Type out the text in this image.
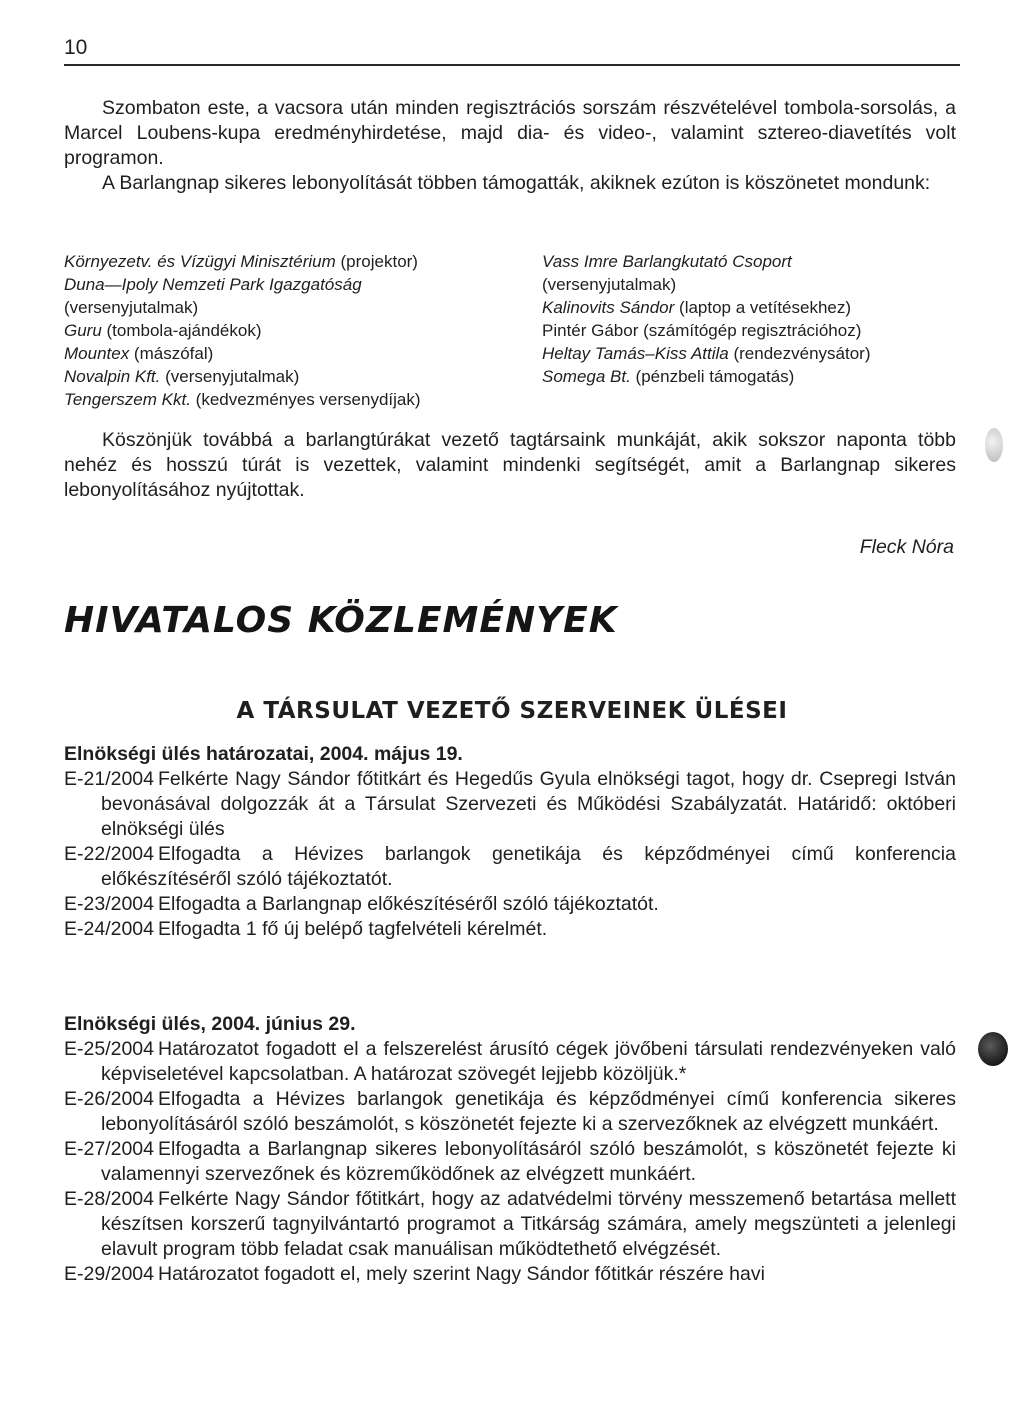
10

Szombaton este, a vacsora után minden regisztrációs sorszám részvételével tombola-sorsolás, a Marcel Loubens-kupa eredményhirdetése, majd dia- és video-, valamint sztereo-diavetítés volt programon.

A Barlangnap sikeres lebonyolítását többen támogatták, akiknek ezúton is köszönetet mondunk:

Környezetv. és Vízügyi Minisztérium (projektor)
Duna—Ipoly Nemzeti Park Igazgatóság
(versenyjutalmak)
Guru (tombola-ajándékok)
Mountex (mászófal)
Novalpin Kft. (versenyjutalmak)
Tengerszem Kkt. (kedvezményes versenydíjak)
Vass Imre Barlangkutató Csoport
(versenyjutalmak)
Kalinovits Sándor (laptop a vetítésekhez)
Pintér Gábor (számítógép regisztrációhoz)
Heltay Tamás–Kiss Attila (rendezvénysátor)
Somega Bt. (pénzbeli támogatás)

Köszönjük továbbá a barlangtúrákat vezető tagtársaink munkáját, akik sokszor naponta több nehéz és hosszú túrát is vezettek, valamint mindenki segítségét, amit a Barlangnap sikeres lebonyolításához nyújtottak.

Fleck Nóra
HIVATALOS KÖZLEMÉNYEK
A TÁRSULAT VEZETŐ SZERVEINEK ÜLÉSEI

Elnökségi ülés határozatai, 2004. május 19.

E-21/2004 Felkérte Nagy Sándor főtitkárt és Hegedűs Gyula elnökségi tagot, hogy dr. Csepregi István bevonásával dolgozzák át a Társulat Szervezeti és Működési Szabályzatát. Határidő: októberi elnökségi ülés

E-22/2004 Elfogadta a Hévizes barlangok genetikája és képződményei című konferencia előkészítéséről szóló tájékoztatót.

E-23/2004 Elfogadta a Barlangnap előkészítéséről szóló tájékoztatót.

E-24/2004 Elfogadta 1 fő új belépő tagfelvételi kérelmét.

Elnökségi ülés, 2004. június 29.

E-25/2004 Határozatot fogadott el a felszerelést árusító cégek jövőbeni társulati rendezvényeken való képviseletével kapcsolatban. A határozat szövegét lejjebb közöljük.*

E-26/2004 Elfogadta a Hévizes barlangok genetikája és képződményei című konferencia sikeres lebonyolításáról szóló beszámolót, s köszönetét fejezte ki a szervezőknek az elvégzett munkáért.

E-27/2004 Elfogadta a Barlangnap sikeres lebonyolításáról szóló beszámolót, s köszönetét fejezte ki valamennyi szervezőnek és közreműködőnek az elvégzett munkáért.

E-28/2004 Felkérte Nagy Sándor főtitkárt, hogy az adatvédelmi törvény messzemenő betartása mellett készítsen korszerű tagnyilvántartó programot a Titkárság számára, amely megszünteti a jelenlegi elavult program több feladat csak manuálisan működtethető elvégzését.

E-29/2004 Határozatot fogadott el, mely szerint Nagy Sándor főtitkár részére havi
